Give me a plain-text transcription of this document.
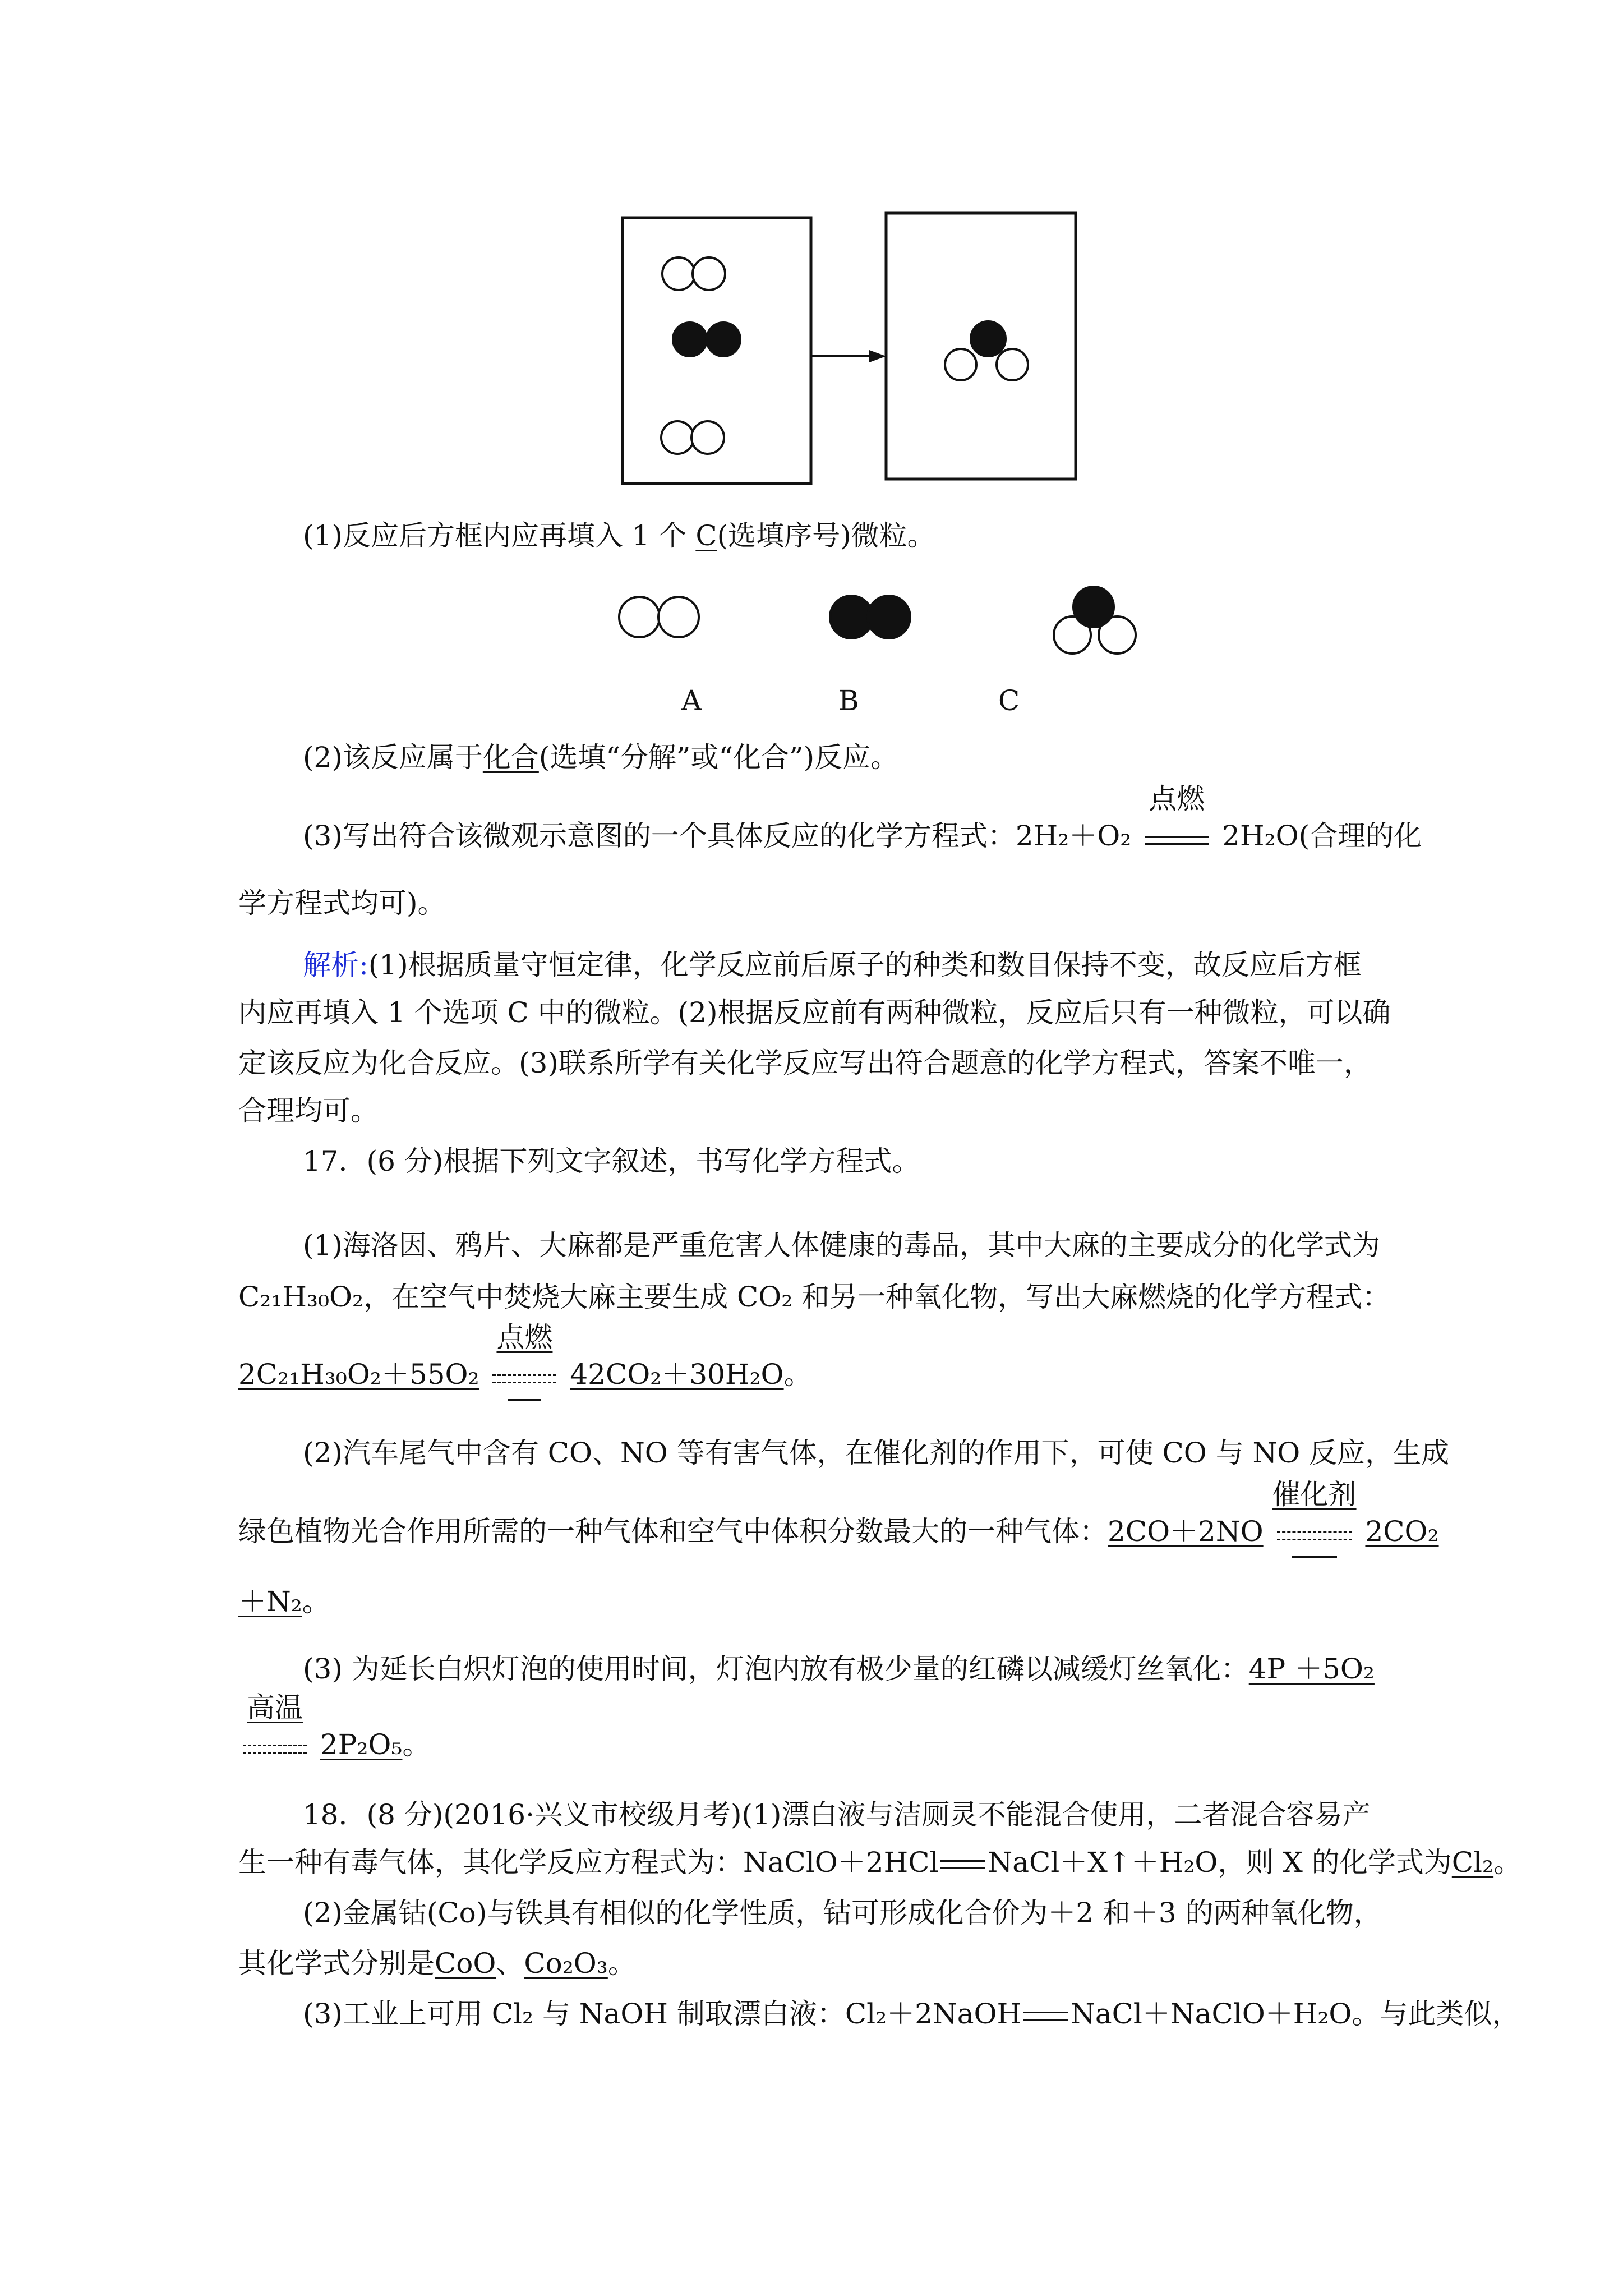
(1)反应后方框内应再填入 1 个 C(选填序号)微粒。
A	B	C
(2)该反应属于化合(选填“分解”或“化合”)反应。
(3)写出符合该微观示意图的一个具体反应的化学方程式：2H₂＋O₂
点燃
2H₂O(合理的化
学方程式均可)。
解析:(1)根据质量守恒定律，化学反应前后原子的种类和数目保持不变，故反应后方框
内应再填入 1 个选项 C 中的微粒。(2)根据反应前有两种微粒，反应后只有一种微粒，可以确
定该反应为化合反应。(3)联系所学有关化学反应写出符合题意的化学方程式，答案不唯一，
合理均可。
17．(6 分)根据下列文字叙述，书写化学方程式。
(1)海洛因、鸦片、大麻都是严重危害人体健康的毒品，其中大麻的主要成分的化学式为
C₂₁H₃₀O₂，在空气中焚烧大麻主要生成 CO₂ 和另一种氧化物，写出大麻燃烧的化学方程式：
2C₂₁H₃₀O₂＋55O₂
点燃
42CO₂＋30H₂O。
(2)汽车尾气中含有 CO、NO 等有害气体，在催化剂的作用下，可使 CO 与 NO 反应，生成
绿色植物光合作用所需的一种气体和空气中体积分数最大的一种气体：2CO＋2NO
催化剂
2CO₂
＋N₂。
(3) 为延长白炽灯泡的使用时间，灯泡内放有极少量的红磷以减缓灯丝氧化：4P ＋5O₂
高温
2P₂O₅。
18．(8 分)(2016·兴义市校级月考)(1)漂白液与洁厕灵不能混合使用，二者混合容易产
生一种有毒气体，其化学反应方程式为：NaClO＋2HCl NaCl＋X↑＋H₂O，则 X 的化学式为Cl₂。
(2)金属钴(Co)与铁具有相似的化学性质，钴可形成化合价为＋2 和＋3 的两种氧化物，
其化学式分别是CoO、Co₂O₃。
(3)工业上可用 Cl₂ 与 NaOH 制取漂白液：Cl₂＋2NaOH NaCl＋NaClO＋H₂O。与此类似，
